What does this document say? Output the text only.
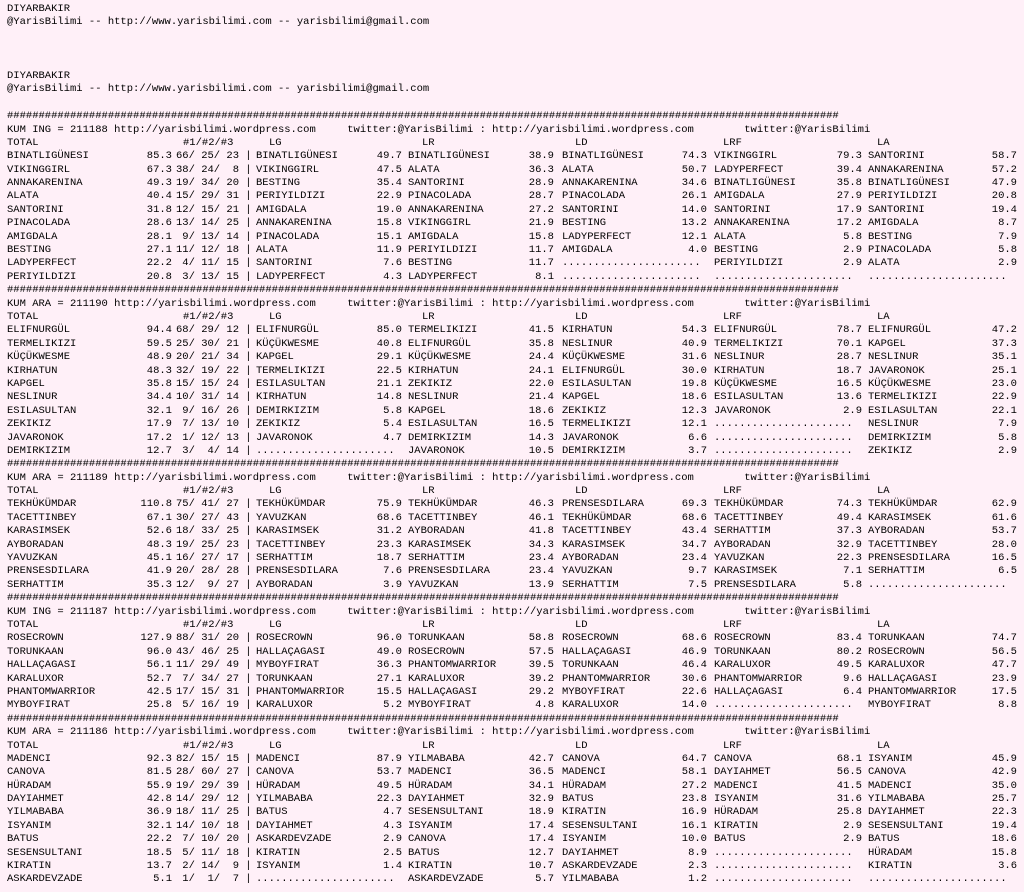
DIYARBAKIR
@YarisBilimi -- http://www.yarisbilimi.com -- yarisbilimi@gmail.com
DIYARBAKIR
@YarisBilimi -- http://www.yarisbilimi.com -- yarisbilimi@gmail.com
####################################################################################################################################
KUM ING = 211188 http://yarisbilimi.wordpress.com     twitter:@YarisBilimi : http://yarisbilimi.wordpress.com        twitter:@YarisBilimi
TOTAL	#1/#2/#3	LG	LR	LD	LRF	LA
BINATLIGÜNESI	85.3 66/ 25/ 23 | BINATLIGÜNESI	49.7 BINATLIGÜNESI	38.9 BINATLIGÜNESI	74.3 VIKINGGIRL	79.3 SANTORINI	58.7
VIKINGGIRL	67.3 38/ 24/  8 | VIKINGGIRL	47.5 ALATA	36.3 ALATA	50.7 LADYPERFECT	39.4 ANNAKARENINA	57.2
ANNAKARENINA	49.3 19/ 34/ 20 | BESTING	35.4 SANTORINI	28.9 ANNAKARENINA	34.6 BINATLIGÜNESI	35.8 BINATLIGÜNESI	47.9
ALATA	40.4 15/ 29/ 31 | PERIYILDIZI	22.9 PINACOLADA	28.7 PINACOLADA	26.1 AMIGDALA	27.9 PERIYILDIZI	20.8
SANTORINI	31.8 12/ 15/ 21 | AMIGDALA	19.0 ANNAKARENINA	27.2 SANTORINI	14.0 SANTORINI	17.9 SANTORINI	19.4
PINACOLADA	28.6 13/ 14/ 25 | ANNAKARENINA	15.8 VIKINGGIRL	21.9 BESTING	13.2 ANNAKARENINA	17.2 AMIGDALA	8.7
AMIGDALA	28.1 9/ 13/ 14 | PINACOLADA	15.1 AMIGDALA	15.8 LADYPERFECT	12.1 ALATA	5.8 BESTING	7.9
BESTING	27.1 11/ 12/ 18 | ALATA	11.9 PERIYILDIZI	11.7 AMIGDALA	4.0 BESTING	2.9 PINACOLADA	5.8
LADYPERFECT	22.2 4/ 11/ 15 | SANTORINI	7.6 BESTING	11.7 ...................... PERIYILDIZI	2.9 ALATA	2.9
PERIYILDIZI	20.8 3/ 13/ 15 | LADYPERFECT	4.3 LADYPERFECT	8.1 ...................... ...................... ......................
####################################################################################################################################
KUM ARA = 211190 http://yarisbilimi.wordpress.com     twitter:@YarisBilimi : http://yarisbilimi.wordpress.com        twitter:@YarisBilimi
TOTAL	#1/#2/#3	LG	LR	LD	LRF	LA
ELIFNURGÜL	94.4 68/ 29/ 12 | ELIFNURGÜL	85.0 TERMELIKIZI	41.5 KIRHATUN	54.3 ELIFNURGÜL	78.7 ELIFNURGÜL	47.2
TERMELIKIZI	59.5 25/ 30/ 21 | KÜÇÜKWESME	40.8 ELIFNURGÜL	35.8 NESLINUR	40.9 TERMELIKIZI	70.1 KAPGEL	37.3
KÜÇÜKWESME	48.9 20/ 21/ 34 | KAPGEL	29.1 KÜÇÜKWESME	24.4 KÜÇÜKWESME	31.6 NESLINUR	28.7 NESLINUR	35.1
KIRHATUN	48.3 32/ 19/ 22 | TERMELIKIZI	22.5 KIRHATUN	24.1 ELIFNURGÜL	30.0 KIRHATUN	18.7 JAVARONOK	25.1
KAPGEL	35.8 15/ 15/ 24 | ESILASULTAN	21.1 ZEKIKIZ	22.0 ESILASULTAN	19.8 KÜÇÜKWESME	16.5 KÜÇÜKWESME	23.0
NESLINUR	34.4 10/ 31/ 14 | KIRHATUN	14.8 NESLINUR	21.4 KAPGEL	18.6 ESILASULTAN	13.6 TERMELIKIZI	22.9
ESILASULTAN	32.1 9/ 16/ 26 | DEMIRKIZIM	5.8 KAPGEL	18.6 ZEKIKIZ	12.3 JAVARONOK	2.9 ESILASULTAN	22.1
ZEKIKIZ	17.9 7/ 13/ 10 | ZEKIKIZ	5.4 ESILASULTAN	16.5 TERMELIKIZI	12.1 ...................... NESLINUR	7.9
JAVARONOK	17.2 1/ 12/ 13 | JAVARONOK	4.7 DEMIRKIZIM	14.3 JAVARONOK	6.6 ...................... DEMIRKIZIM	5.8
DEMIRKIZIM	12.7 3/  4/ 14 | ...................... JAVARONOK	10.5 DEMIRKIZIM	3.7 ...................... ZEKIKIZ	2.9
####################################################################################################################################
KUM ARA = 211189 http://yarisbilimi.wordpress.com     twitter:@YarisBilimi : http://yarisbilimi.wordpress.com        twitter:@YarisBilimi
TOTAL	#1/#2/#3	LG	LR	LD	LRF	LA
TEKHÜKÜMDAR	110.8 75/ 41/ 27 | TEKHÜKÜMDAR	75.9 TEKHÜKÜMDAR	46.3 PRENSESDILARA	69.3 TEKHÜKÜMDAR	74.3 TEKHÜKÜMDAR	62.9
TACETTINBEY	67.1 30/ 27/ 43 | YAVUZKAN	68.6 TACETTINBEY	46.1 TEKHÜKÜMDAR	68.6 TACETTINBEY	49.4 KARASIMSEK	61.6
KARASIMSEK	52.6 18/ 33/ 25 | KARASIMSEK	31.2 AYBORADAN	41.8 TACETTINBEY	43.4 SERHATTIM	37.3 AYBORADAN	53.7
AYBORADAN	48.3 19/ 25/ 23 | TACETTINBEY	23.3 KARASIMSEK	34.3 KARASIMSEK	34.7 AYBORADAN	32.9 TACETTINBEY	28.0
YAVUZKAN	45.1 16/ 27/ 17 | SERHATTIM	18.7 SERHATTIM	23.4 AYBORADAN	23.4 YAVUZKAN	22.3 PRENSESDILARA	16.5
PRENSESDILARA	41.9 20/ 28/ 28 | PRENSESDILARA	7.6 PRENSESDILARA	23.4 YAVUZKAN	9.7 KARASIMSEK	7.1 SERHATTIM	6.5
SERHATTIM	35.3 12/  9/ 27 | AYBORADAN	3.9 YAVUZKAN	13.9 SERHATTIM	7.5 PRENSESDILARA	5.8 ......................
####################################################################################################################################
KUM ING = 211187 http://yarisbilimi.wordpress.com     twitter:@YarisBilimi : http://yarisbilimi.wordpress.com        twitter:@YarisBilimi
TOTAL	#1/#2/#3	LG	LR	LD	LRF	LA
ROSECROWN	127.9 88/ 31/ 20 | ROSECROWN	96.0 TORUNKAAN	58.8 ROSECROWN	68.6 ROSECROWN	83.4 TORUNKAAN	74.7
TORUNKAAN	96.0 43/ 46/ 25 | HALLAÇAGASI	49.0 ROSECROWN	57.5 HALLAÇAGASI	46.9 TORUNKAAN	80.2 ROSECROWN	56.5
HALLAÇAGASI	56.1 11/ 29/ 49 | MYBOYFIRAT	36.3 PHANTOMWARRIOR	39.5 TORUNKAAN	46.4 KARALUXOR	49.5 KARALUXOR	47.7
KARALUXOR	52.7 7/ 34/ 27 | TORUNKAAN	27.1 KARALUXOR	39.2 PHANTOMWARRIOR	30.6 PHANTOMWARRIOR	9.6 HALLAÇAGASI	23.9
PHANTOMWARRIOR	42.5 17/ 15/ 31 | PHANTOMWARRIOR	15.5 HALLAÇAGASI	29.2 MYBOYFIRAT	22.6 HALLAÇAGASI	6.4 PHANTOMWARRIOR	17.5
MYBOYFIRAT	25.8 5/ 16/ 19 | KARALUXOR	5.2 MYBOYFIRAT	4.8 KARALUXOR	14.0 ...................... MYBOYFIRAT	8.8
####################################################################################################################################
KUM ARA = 211186 http://yarisbilimi.wordpress.com     twitter:@YarisBilimi : http://yarisbilimi.wordpress.com        twitter:@YarisBilimi
TOTAL	#1/#2/#3	LG	LR	LD	LRF	LA
MADENCI	92.3 82/ 15/ 15 | MADENCI	87.9 YILMABABA	42.7 CANOVA	64.7 CANOVA	68.1 ISYANIM	45.9
CANOVA	81.5 28/ 60/ 27 | CANOVA	53.7 MADENCI	36.5 MADENCI	58.1 DAYIAHMET	56.5 CANOVA	42.9
HÜRADAM	55.9 19/ 29/ 39 | HÜRADAM	49.5 HÜRADAM	34.1 HÜRADAM	27.2 MADENCI	41.5 MADENCI	35.0
DAYIAHMET	42.8 14/ 29/ 12 | YILMABABA	22.3 DAYIAHMET	32.9 BATUS	23.8 ISYANIM	31.6 YILMABABA	25.7
YILMABABA	36.9 18/ 11/ 25 | BATUS	4.7 SESENSULTANI	18.9 KIRATIN	16.9 HÜRADAM	25.8 DAYIAHMET	22.3
ISYANIM	32.1 14/ 10/ 18 | DAYIAHMET	4.3 ISYANIM	17.4 SESENSULTANI	16.1 KIRATIN	2.9 SESENSULTANI	19.4
BATUS	22.2 7/ 10/ 20 | ASKARDEVZADE	2.9 CANOVA	17.4 ISYANIM	10.0 BATUS	2.9 BATUS	18.6
SESENSULTANI	18.5 5/ 11/ 18 | KIRATIN	2.5 BATUS	12.7 DAYIAHMET	8.9 ...................... HÜRADAM	15.8
KIRATIN	13.7 2/ 14/  9 | ISYANIM	1.4 KIRATIN	10.7 ASKARDEVZADE	2.3 ...................... KIRATIN	3.6
ASKARDEVZADE	5.1 1/  1/  7 | ...................... ASKARDEVZADE	5.7 YILMABABA	1.2 ...................... ......................
